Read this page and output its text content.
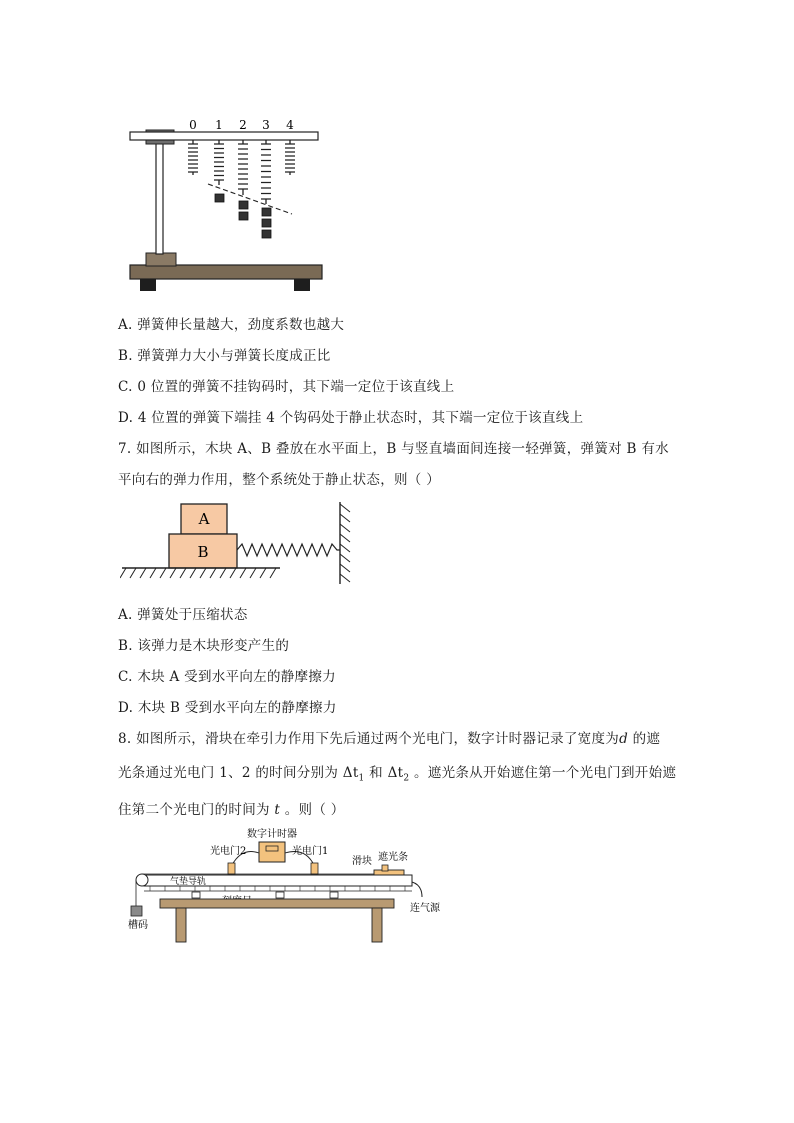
0 1 2 3 4
A. 弹簧伸长量越大，劲度系数也越大
B. 弹簧弹力大小与弹簧长度成正比
C. 0 位置的弹簧不挂钩码时，其下端一定位于该直线上
D. 4 位置的弹簧下端挂 4 个钩码处于静止状态时，其下端一定位于该直线上
7. 如图所示，木块 A、B 叠放在水平面上，B 与竖直墙面间连接一轻弹簧，弹簧对 B 有水
平向右的弹力作用，整个系统处于静止状态，则（ ）
A
B
A. 弹簧处于压缩状态
B. 该弹力是木块形变产生的
C. 木块 A 受到水平向左的静摩擦力
D. 木块 B 受到水平向左的静摩擦力
8. 如图所示，滑块在牵引力作用下先后通过两个光电门，数字计时器记录了宽度为d 的遮
光条通过光电门 1、2 的时间分别为 $\Delta t_1$ 和 $\Delta t_2$ 。遮光条从开始遮住第一个光电门到开始遮
住第二个光电门的时间为 t 。则（ ）
数字计时器
光电门2	光电门1
滑块 遮光条
气垫导轨
槽码
连气源
